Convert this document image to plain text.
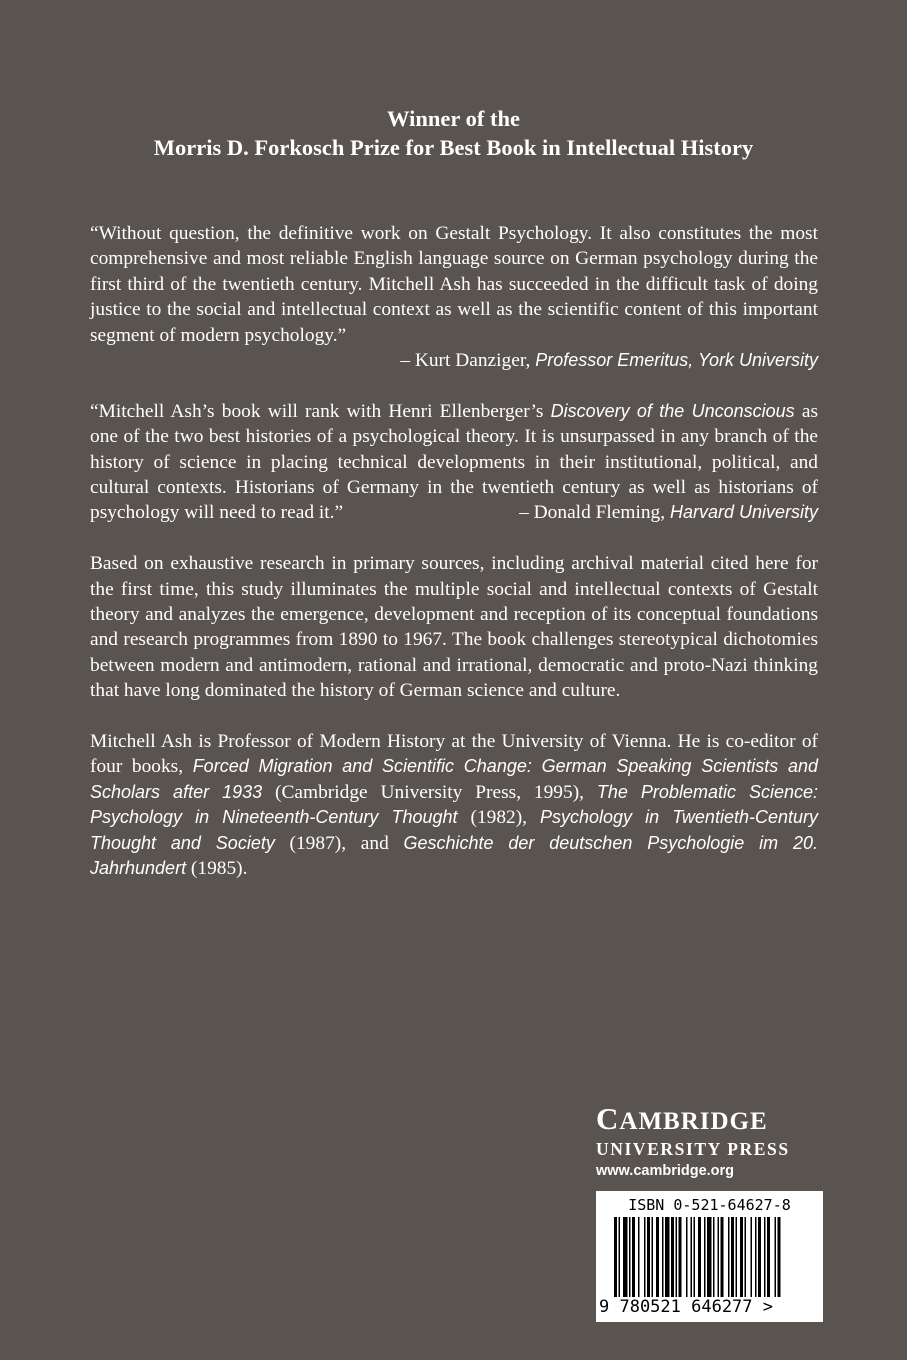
Winner of the
Morris D. Forkosch Prize for Best Book in Intellectual History

“Without question, the definitive work on Gestalt Psychology. It also constitutes the most comprehensive and most reliable English language source on German psychology during the first third of the twentieth century. Mitchell Ash has succeeded in the difficult task of doing justice to the social and intellectual context as well as the scientific content of this important segment of modern psychology.”
– Kurt Danziger, Professor Emeritus, York University

“Mitchell Ash’s book will rank with Henri Ellenberger’s Discovery of the Unconscious as one of the two best histories of a psychological theory. It is unsurpassed in any branch of the history of science in placing technical developments in their institutional, political, and cultural contexts. Historians of Germany in the twentieth century as well as historians of psychology will need to read it.”	– Donald Fleming, Harvard University

Based on exhaustive research in primary sources, including archival material cited here for the first time, this study illuminates the multiple social and intellectual contexts of Gestalt theory and analyzes the emergence, development and reception of its conceptual foundations and research programmes from 1890 to 1967. The book challenges stereotypical dichotomies between modern and antimodern, rational and irrational, democratic and proto-Nazi thinking that have long dominated the history of German science and culture.

Mitchell Ash is Professor of Modern History at the University of Vienna. He is co-editor of four books, Forced Migration and Scientific Change: German Speaking Scientists and Scholars after 1933 (Cambridge University Press, 1995), The Problematic Science: Psychology in Nineteenth-Century Thought (1982), Psychology in Twentieth-Century Thought and Society (1987), and Geschichte der deutschen Psychologie im 20. Jahrhundert (1985).

CAMBRIDGE
UNIVERSITY PRESS
www.cambridge.org
ISBN 0-521-64627-8
9 780521 646277 >
